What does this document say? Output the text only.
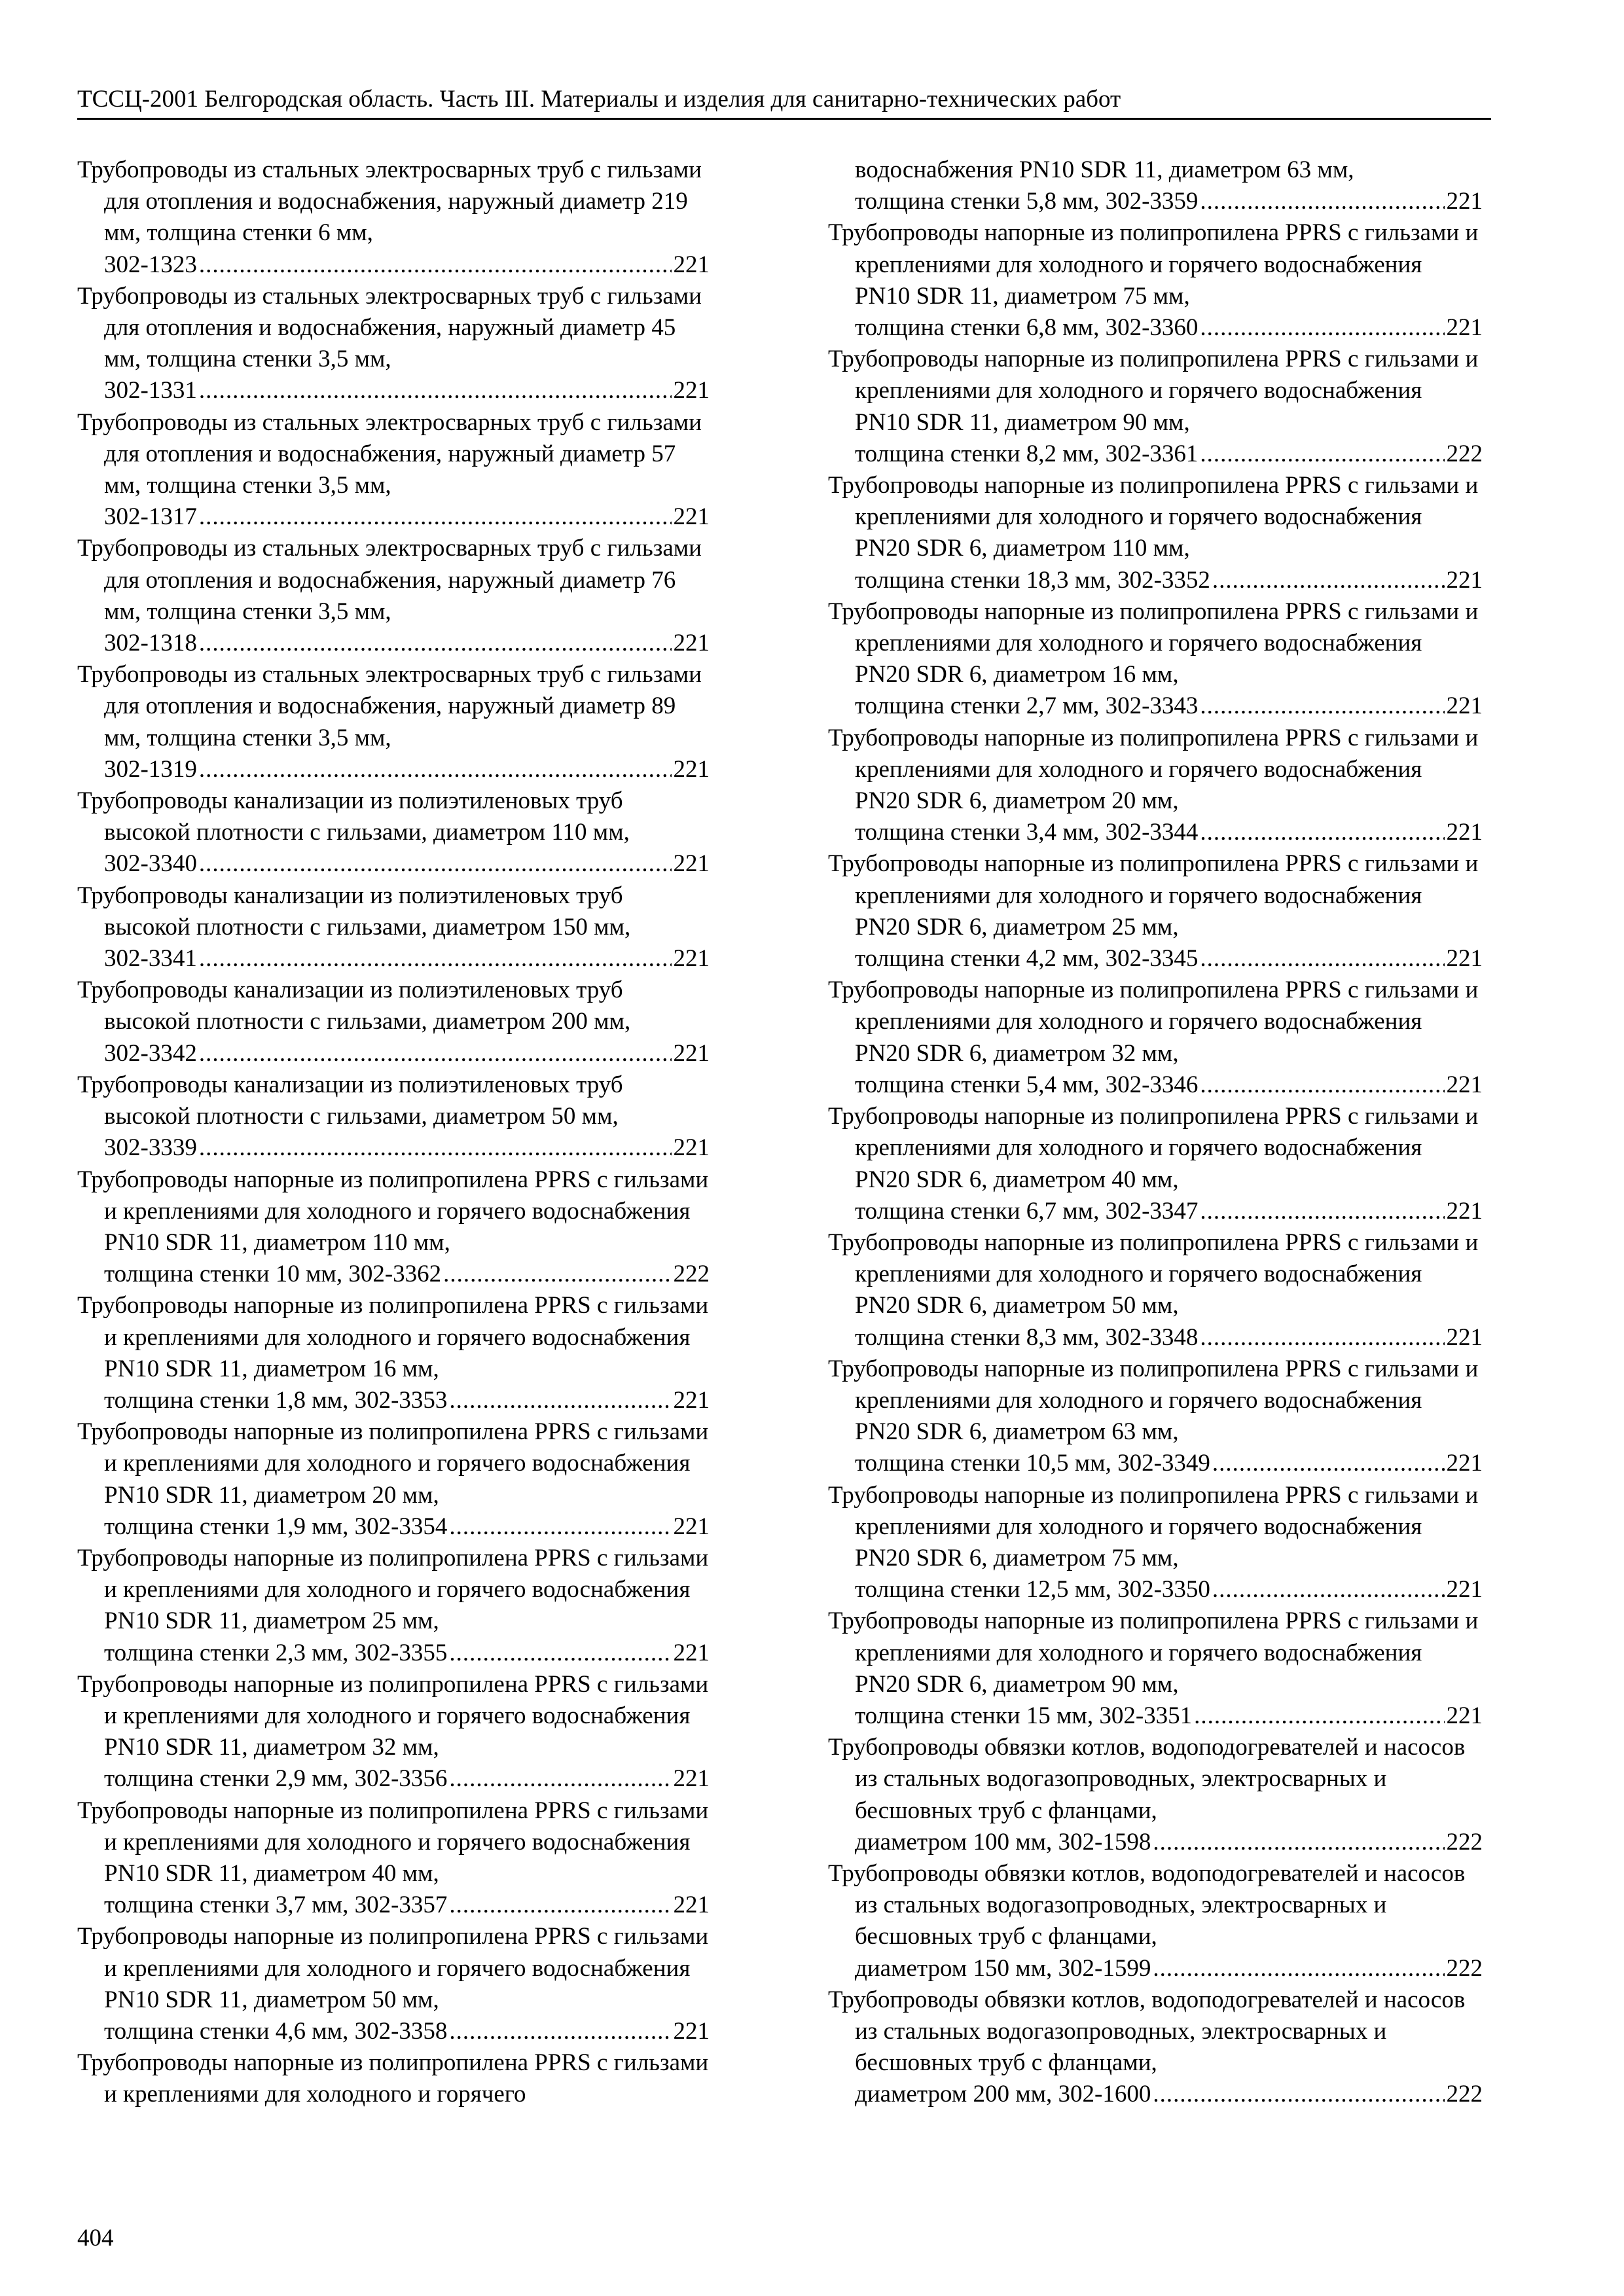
ТССЦ-2001 Белгородская область. Часть III. Материалы и изделия для санитарно-технических работ
Трубопроводы из стальных электросварных труб с гильзами для отопления и водоснабжения, наружный диаметр 219 мм, толщина стенки 6 мм,
302-1323 .....	221
Трубопроводы из стальных электросварных труб с гильзами для отопления и водоснабжения, наружный диаметр 45 мм, толщина стенки 3,5 мм,
302-1331 .....	221
Трубопроводы из стальных электросварных труб с гильзами для отопления и водоснабжения, наружный диаметр 57 мм, толщина стенки 3,5 мм,
302-1317 .....	221
Трубопроводы из стальных электросварных труб с гильзами для отопления и водоснабжения, наружный диаметр 76 мм, толщина стенки 3,5 мм,
302-1318 .....	221
Трубопроводы из стальных электросварных труб с гильзами для отопления и водоснабжения, наружный диаметр 89 мм, толщина стенки 3,5 мм,
302-1319 .....	221
Трубопроводы канализации из полиэтиленовых труб высокой плотности с гильзами, диаметром 110 мм,
302-3340 .....	221
Трубопроводы канализации из полиэтиленовых труб высокой плотности с гильзами, диаметром 150 мм,
302-3341 .....	221
Трубопроводы канализации из полиэтиленовых труб высокой плотности с гильзами, диаметром 200 мм,
302-3342 .....	221
Трубопроводы канализации из полиэтиленовых труб высокой плотности с гильзами, диаметром 50 мм,
302-3339 .....	221
Трубопроводы напорные из полипропилена PPRS с гильзами и креплениями для холодного и горячего водоснабжения PN10 SDR 11, диаметром 110 мм,
толщина стенки 10 мм, 302-3362 .....	222
Трубопроводы напорные из полипропилена PPRS с гильзами и креплениями для холодного и горячего водоснабжения PN10 SDR 11, диаметром 16 мм,
толщина стенки 1,8 мм, 302-3353 .....	221
Трубопроводы напорные из полипропилена PPRS с гильзами и креплениями для холодного и горячего водоснабжения PN10 SDR 11, диаметром 20 мм,
толщина стенки 1,9 мм, 302-3354 .....	221
Трубопроводы напорные из полипропилена PPRS с гильзами и креплениями для холодного и горячего водоснабжения PN10 SDR 11, диаметром 25 мм,
толщина стенки 2,3 мм, 302-3355 .....	221
Трубопроводы напорные из полипропилена PPRS с гильзами и креплениями для холодного и горячего водоснабжения PN10 SDR 11, диаметром 32 мм,
толщина стенки 2,9 мм, 302-3356 .....	221
Трубопроводы напорные из полипропилена PPRS с гильзами и креплениями для холодного и горячего водоснабжения PN10 SDR 11, диаметром 40 мм,
толщина стенки 3,7 мм, 302-3357 .....	221
Трубопроводы напорные из полипропилена PPRS с гильзами и креплениями для холодного и горячего водоснабжения PN10 SDR 11, диаметром 50 мм,
толщина стенки 4,6 мм, 302-3358 .....	221
Трубопроводы напорные из полипропилена PPRS с гильзами и креплениями для холодного и горячего
водоснабжения PN10 SDR 11, диаметром 63 мм,
толщина стенки 5,8 мм, 302-3359 .....	221
Трубопроводы напорные из полипропилена PPRS с гильзами и креплениями для холодного и горячего водоснабжения PN10 SDR 11, диаметром 75 мм,
толщина стенки 6,8 мм, 302-3360 .....	221
Трубопроводы напорные из полипропилена PPRS с гильзами и креплениями для холодного и горячего водоснабжения PN10 SDR 11, диаметром 90 мм,
толщина стенки 8,2 мм, 302-3361 .....	222
Трубопроводы напорные из полипропилена PPRS с гильзами и креплениями для холодного и горячего водоснабжения PN20 SDR 6, диаметром 110 мм,
толщина стенки 18,3 мм, 302-3352 .....	221
Трубопроводы напорные из полипропилена PPRS с гильзами и креплениями для холодного и горячего водоснабжения PN20 SDR 6, диаметром 16 мм,
толщина стенки 2,7 мм, 302-3343 .....	221
Трубопроводы напорные из полипропилена PPRS с гильзами и креплениями для холодного и горячего водоснабжения PN20 SDR 6, диаметром 20 мм,
толщина стенки 3,4 мм, 302-3344 .....	221
Трубопроводы напорные из полипропилена PPRS с гильзами и креплениями для холодного и горячего водоснабжения PN20 SDR 6, диаметром 25 мм,
толщина стенки 4,2 мм, 302-3345 .....	221
Трубопроводы напорные из полипропилена PPRS с гильзами и креплениями для холодного и горячего водоснабжения PN20 SDR 6, диаметром 32 мм,
толщина стенки 5,4 мм, 302-3346 .....	221
Трубопроводы напорные из полипропилена PPRS с гильзами и креплениями для холодного и горячего водоснабжения PN20 SDR 6, диаметром 40 мм,
толщина стенки 6,7 мм, 302-3347 .....	221
Трубопроводы напорные из полипропилена PPRS с гильзами и креплениями для холодного и горячего водоснабжения PN20 SDR 6, диаметром 50 мм,
толщина стенки 8,3 мм, 302-3348 .....	221
Трубопроводы напорные из полипропилена PPRS с гильзами и креплениями для холодного и горячего водоснабжения PN20 SDR 6, диаметром 63 мм,
толщина стенки 10,5 мм, 302-3349 .....	221
Трубопроводы напорные из полипропилена PPRS с гильзами и креплениями для холодного и горячего водоснабжения PN20 SDR 6, диаметром 75 мм,
толщина стенки 12,5 мм, 302-3350 .....	221
Трубопроводы напорные из полипропилена PPRS с гильзами и креплениями для холодного и горячего водоснабжения PN20 SDR 6, диаметром 90 мм,
толщина стенки 15 мм, 302-3351 .....	221
Трубопроводы обвязки котлов, водоподогревателей и насосов из стальных водогазопроводных, электросварных и бесшовных труб с фланцами,
диаметром 100 мм, 302-1598 .....	222
Трубопроводы обвязки котлов, водоподогревателей и насосов из стальных водогазопроводных, электросварных и бесшовных труб с фланцами,
диаметром 150 мм, 302-1599 .....	222
Трубопроводы обвязки котлов, водоподогревателей и насосов из стальных водогазопроводных, электросварных и бесшовных труб с фланцами,
диаметром 200 мм, 302-1600 .....	222
404
